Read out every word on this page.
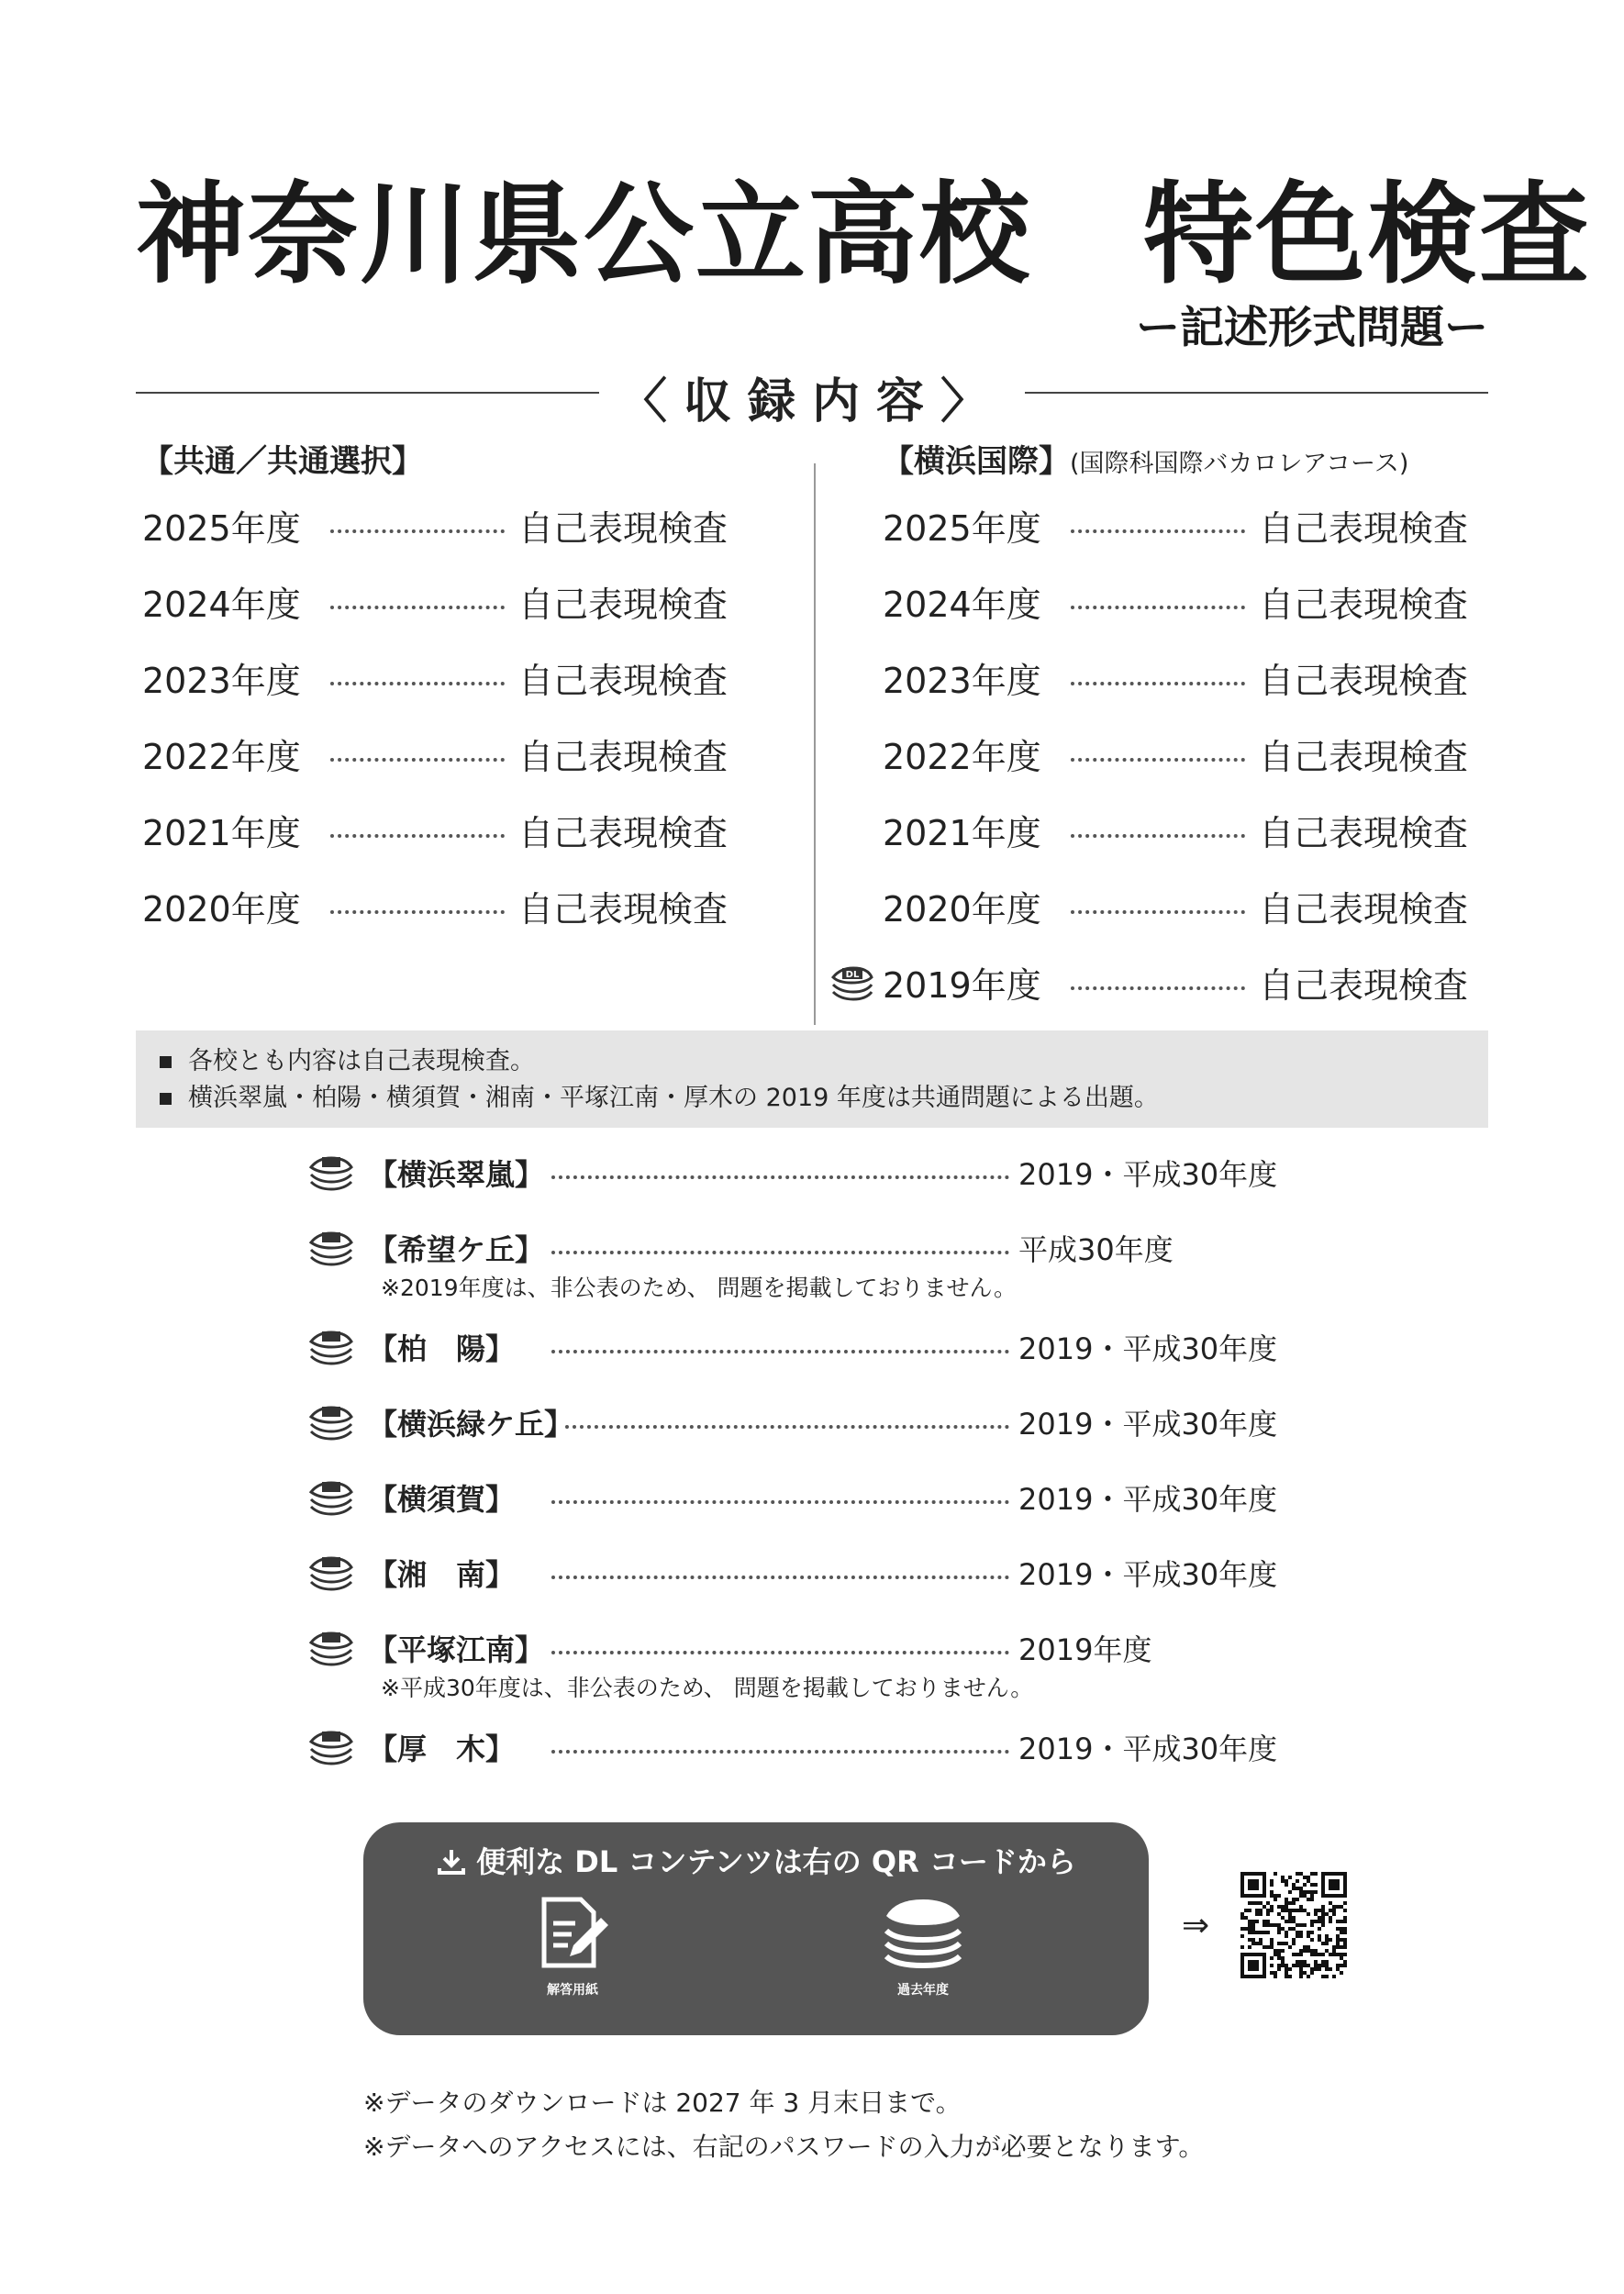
神奈川県公立高校　特色検査
ー記述形式問題ー
〈収録内容〉
【共通／共通選択】
2025年度	自己表現検査
2024年度	自己表現検査
2023年度	自己表現検査
2022年度	自己表現検査
2021年度	自己表現検査
2020年度	自己表現検査
【横浜国際】(国際科国際バカロレアコース)
2025年度	自己表現検査
2024年度	自己表現検査
2023年度	自己表現検査
2022年度	自己表現検査
2021年度	自己表現検査
2020年度	自己表現検査
DL 2019年度	自己表現検査
各校とも内容は自己表現検査。
横浜翠嵐・柏陽・横須賀・湘南・平塚江南・厚木の 2019 年度は共通問題による出題。
【横浜翠嵐】	2019・平成30年度
【希望ケ丘】	平成30年度
※2019年度は、非公表のため、 問題を掲載しておりません。
【柏　陽】	2019・平成30年度
【横浜緑ケ丘】	2019・平成30年度
【横須賀】	2019・平成30年度
【湘　南】	2019・平成30年度
【平塚江南】	2019年度
※平成30年度は、非公表のため、 問題を掲載しておりません。
【厚　木】	2019・平成30年度
便利な DL コンテンツは右の QR コードから
解答用紙	過去年度
⇒
※データのダウンロードは 2027 年 3 月末日まで。
※データへのアクセスには、右記のパスワードの入力が必要となります。
